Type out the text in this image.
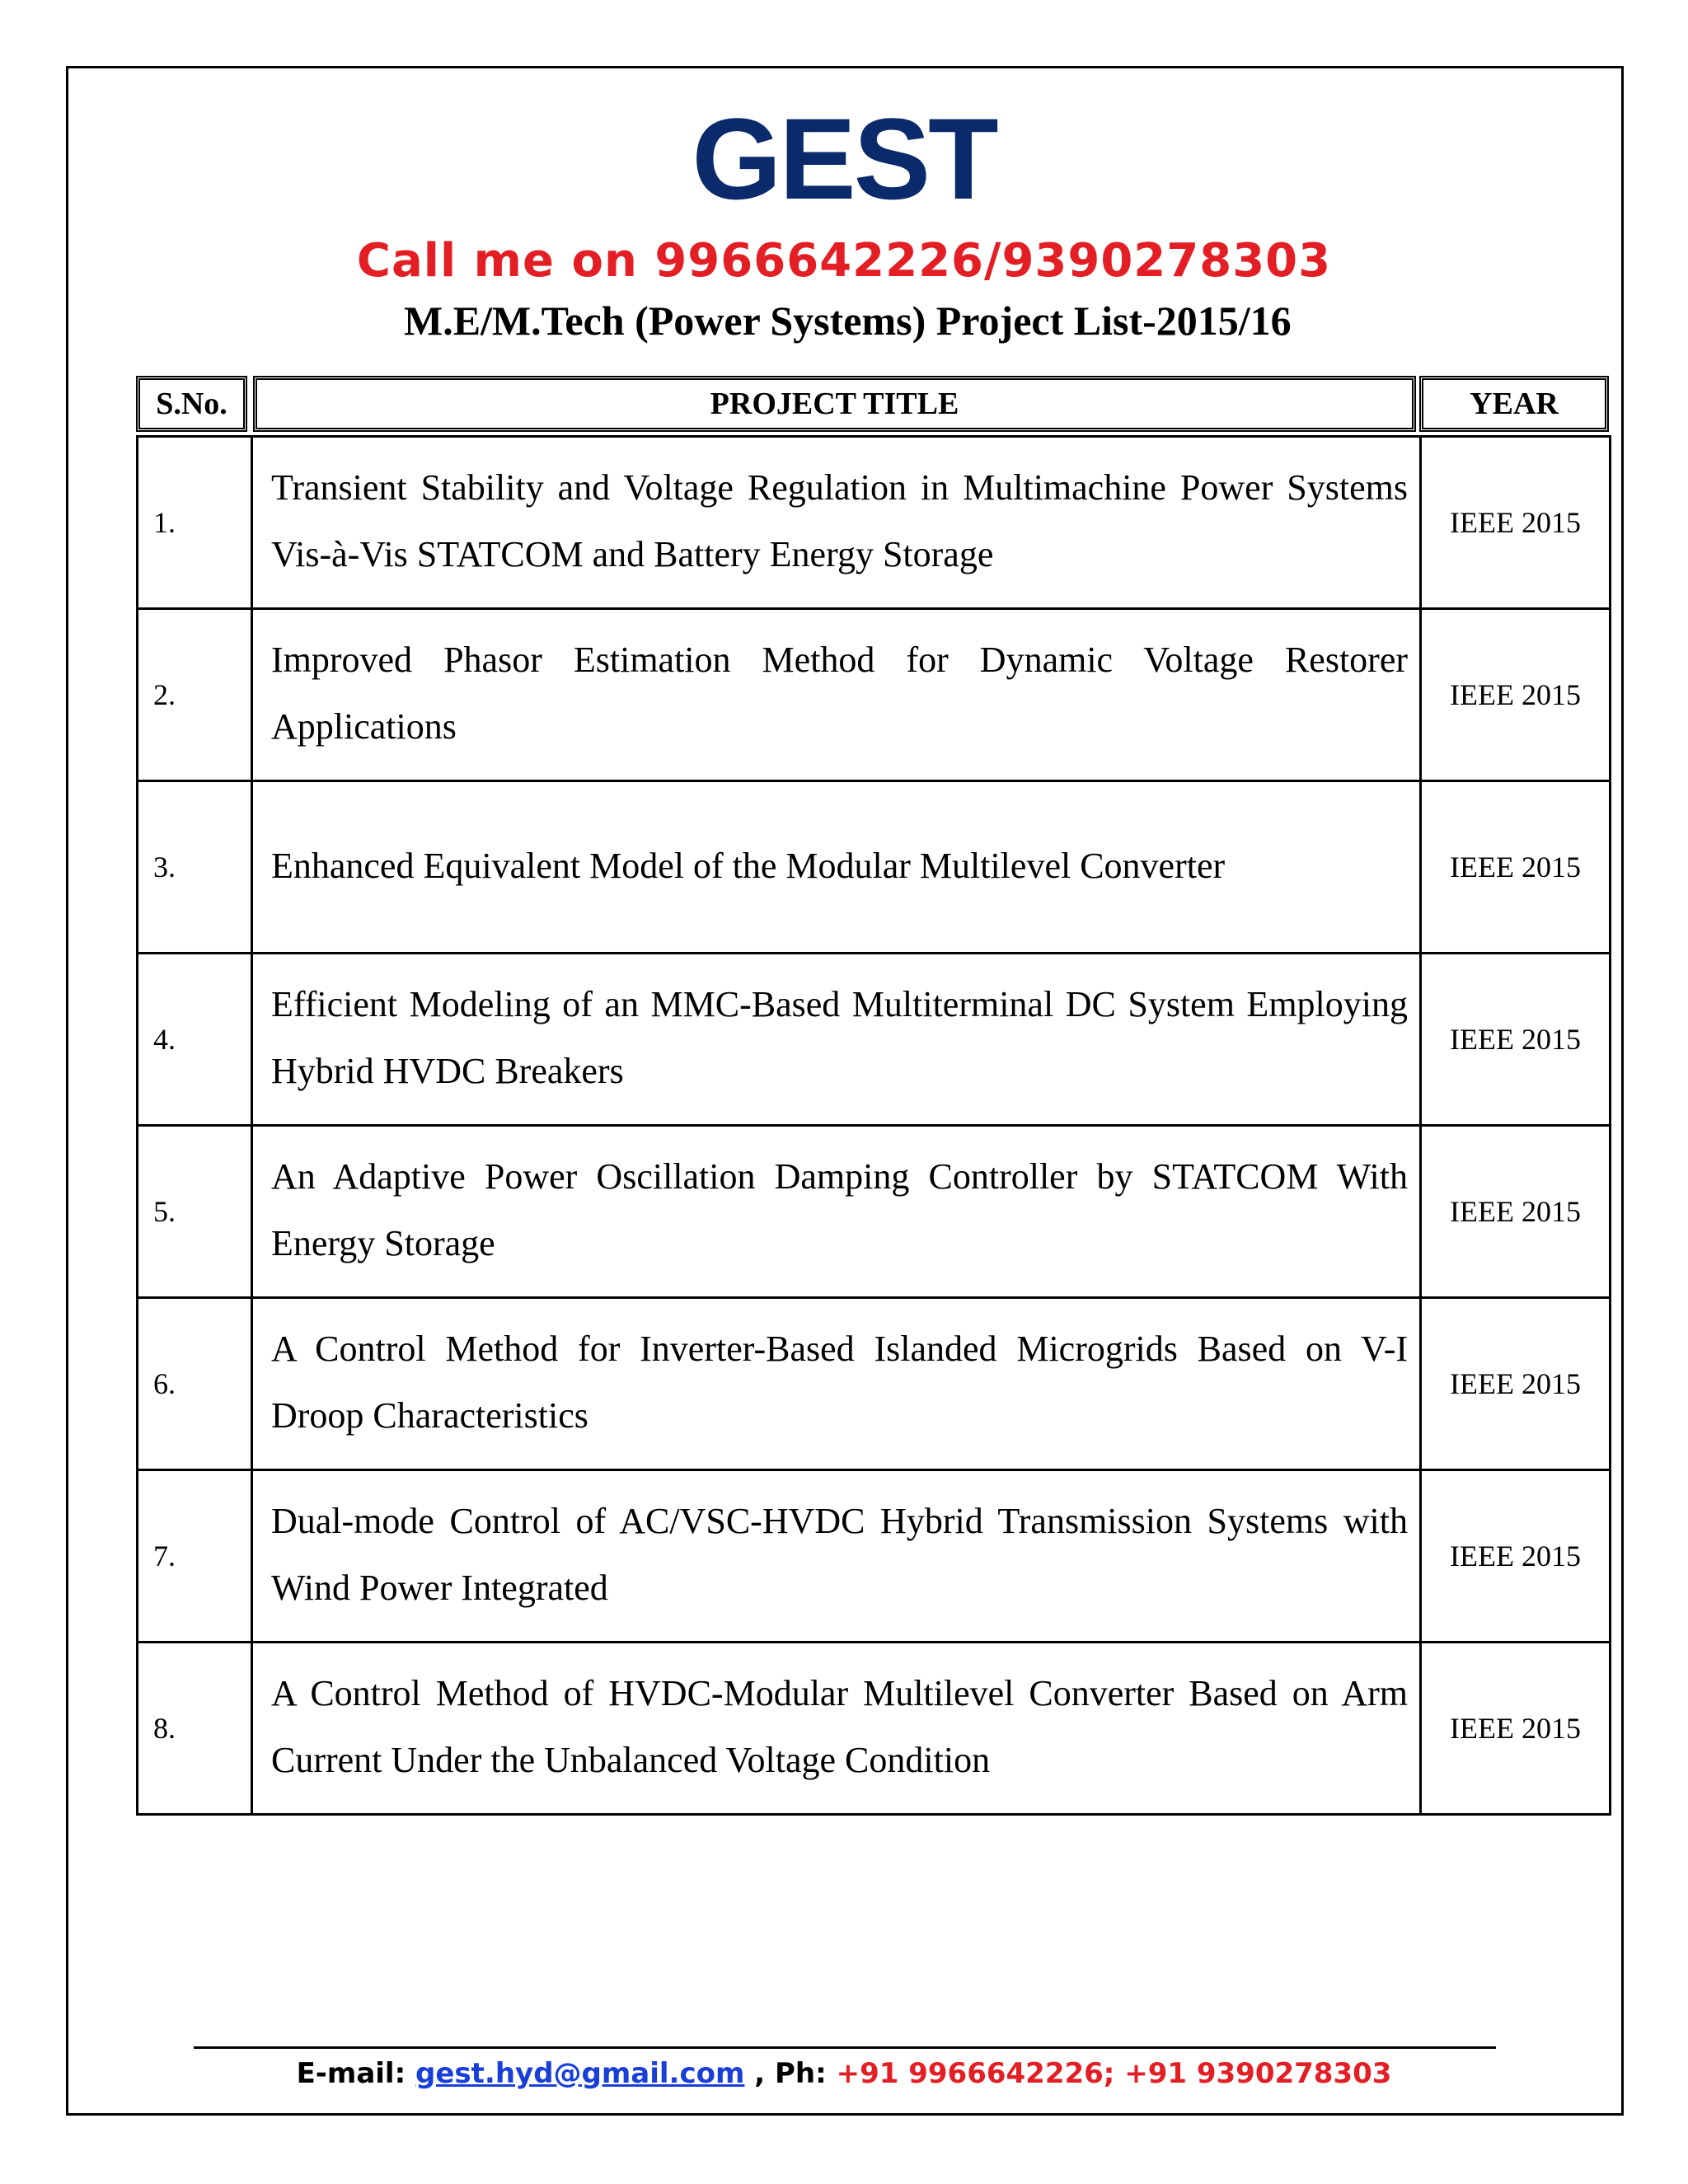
GEST
Call me on 9966642226/9390278303
M.E/M.Tech (Power Systems) Project List-2015/16
S.No.	PROJECT TITLE	YEAR
1.	Transient Stability and Voltage Regulation in Multimachine Power Systems Vis-à-Vis STATCOM and Battery Energy Storage	IEEE 2015
2.	Improved Phasor Estimation Method for Dynamic Voltage Restorer Applications	IEEE 2015
3.	Enhanced Equivalent Model of the Modular Multilevel Converter	IEEE 2015
4.	Efficient Modeling of an MMC-Based Multiterminal DC System Employing Hybrid HVDC Breakers	IEEE 2015
5.	An Adaptive Power Oscillation Damping Controller by STATCOM With Energy Storage	IEEE 2015
6.	A Control Method for Inverter-Based Islanded Microgrids Based on V-I Droop Characteristics	IEEE 2015
7.	Dual-mode Control of AC/VSC-HVDC Hybrid Transmission Systems with Wind Power Integrated	IEEE 2015
8.	A Control Method of HVDC-Modular Multilevel Converter Based on Arm Current Under the Unbalanced Voltage Condition	IEEE 2015
E-mail: gest.hyd@gmail.com , Ph: +91 9966642226; +91 9390278303
